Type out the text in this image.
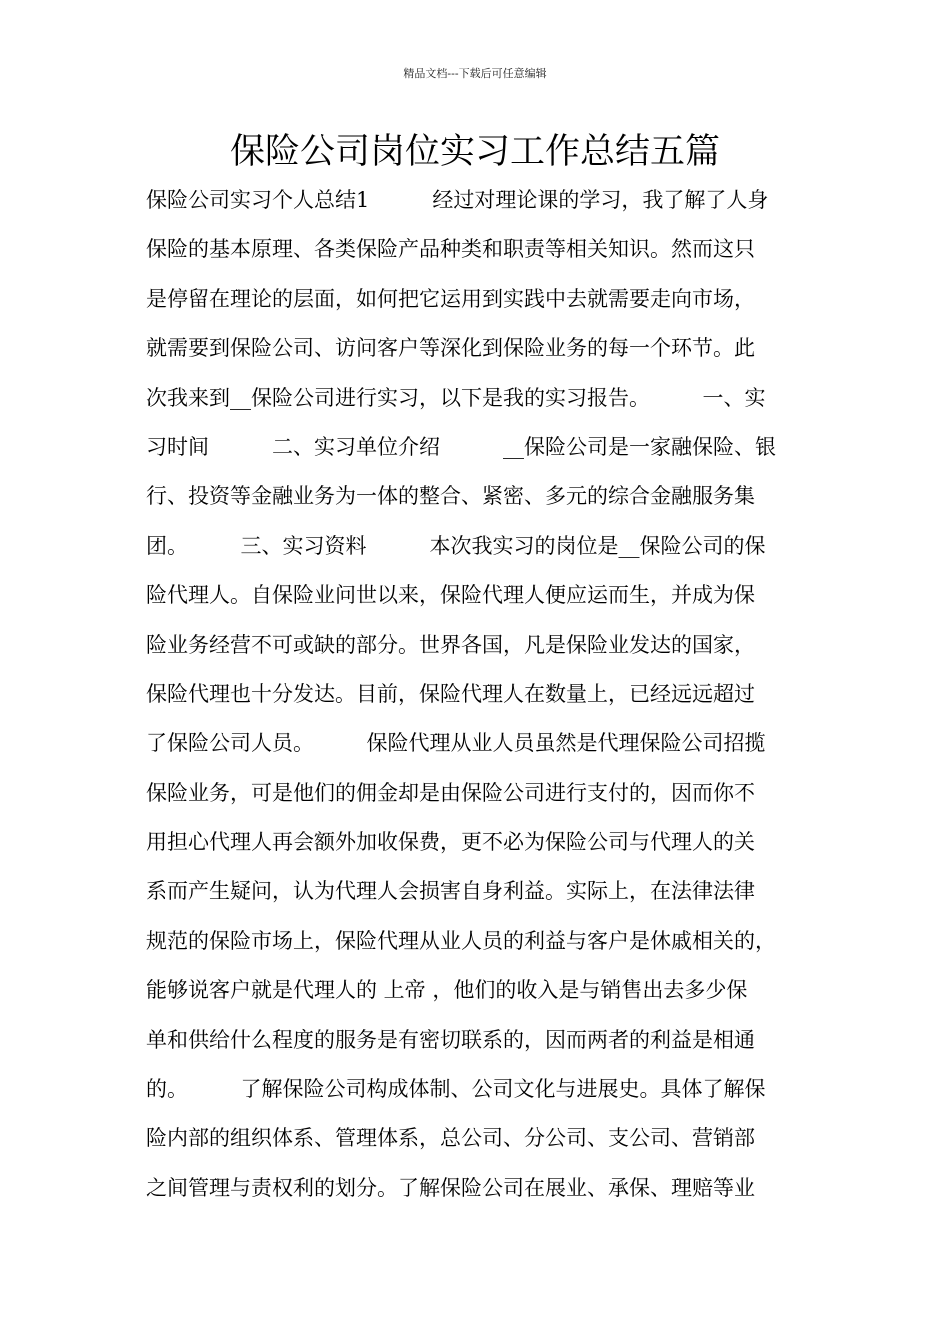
精品文档---下载后可任意编辑
保险公司岗位实习工作总结五篇
保险公司实习个人总结1　　　经过对理论课的学习，我了解了人身
保险的基本原理、各类保险产品种类和职责等相关知识。然而这只
是停留在理论的层面，如何把它运用到实践中去就需要走向市场，
就需要到保险公司、访问客户等深化到保险业务的每一个环节。此
次我来到__保险公司进行实习，以下是我的实习报告。　　　一、实
习时间　　　二、实习单位介绍　　　__保险公司是一家融保险、银
行、投资等金融业务为一体的整合、紧密、多元的综合金融服务集
团。　　　三、实习资料　　　本次我实习的岗位是__保险公司的保
险代理人。自保险业问世以来，保险代理人便应运而生，并成为保
险业务经营不可或缺的部分。世界各国，凡是保险业发达的国家，
保险代理也十分发达。目前，保险代理人在数量上，已经远远超过
了保险公司人员。　　　保险代理从业人员虽然是代理保险公司招揽
保险业务，可是他们的佣金却是由保险公司进行支付的，因而你不
用担心代理人再会额外加收保费，更不必为保险公司与代理人的关
系而产生疑问，认为代理人会损害自身利益。实际上，在法律法律
规范的保险市场上，保险代理从业人员的利益与客户是休戚相关的，
能够说客户就是代理人的 上帝 ，他们的收入是与销售出去多少保
单和供给什么程度的服务是有密切联系的，因而两者的利益是相通
的。　　　了解保险公司构成体制、公司文化与进展史。具体了解保
险内部的组织体系、管理体系，总公司、分公司、支公司、营销部
之间管理与责权利的划分。了解保险公司在展业、承保、理赔等业
